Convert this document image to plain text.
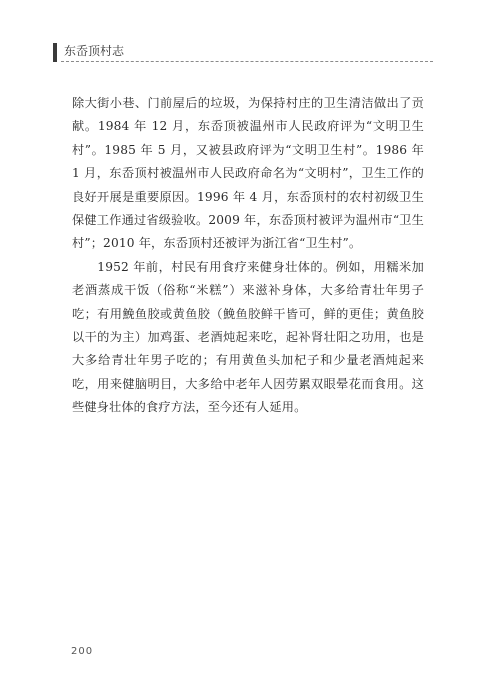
东岙顶村志

除大街小巷、门前屋后的垃圾，为保持村庄的卫生清洁做出了贡献。1984 年 12 月，东岙顶被温州市人民政府评为“文明卫生村”。1985 年 5 月，又被县政府评为“文明卫生村”。1986 年 1 月，东岙顶村被温州市人民政府命名为“文明村”，卫生工作的良好开展是重要原因。1996 年 4 月，东岙顶村的农村初级卫生保健工作通过省级验收。2009 年，东岙顶村被评为温州市“卫生村”；2010 年，东岙顶村还被评为浙江省“卫生村”。

　　1952 年前，村民有用食疗来健身壮体的。例如，用糯米加老酒蒸成干饭（俗称“米糕”）来滋补身体，大多给青壮年男子吃；有用鮸鱼胶或黄鱼胶（鮸鱼胶鲜干皆可，鲜的更佳；黄鱼胶以干的为主）加鸡蛋、老酒炖起来吃，起补肾壮阳之功用，也是大多给青壮年男子吃的；有用黄鱼头加杞子和少量老酒炖起来吃，用来健脑明目，大多给中老年人因劳累双眼晕花而食用。这些健身壮体的食疗方法，至今还有人延用。

200
